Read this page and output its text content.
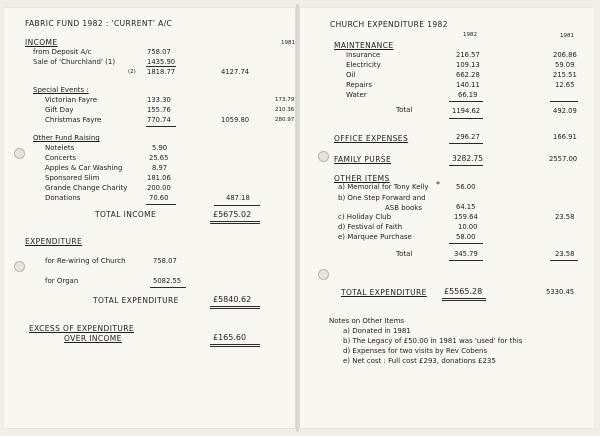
FABRIC FUND 1982 : 'CURRENT' A/C
INCOME	1981
from Deposit A/c	758.07
Sale of 'Churchland' (1)	1435.90
(2) 1818.77	4127.74
Special Events :
Victorian Fayre	133.30	173.79
Gift Day	155.76	210.36
Christmas Fayre	770.74	280.97
1059.80
Other Fund Raising
Notelets	5.90
Concerts	25.65
Apples & Car Washing	8.97
Sponsored Slim	181.06
Grande Change Charity	200.00
Donations	70.60	487.18
TOTAL INCOME	£5675.02
EXPENDITURE
for Re-wiring of Church	758.07
for Organ	5082.55
TOTAL EXPENDITURE	£5840.62
EXCESS OF EXPENDITURE
OVER INCOME	£165.60
CHURCH EXPENDITURE 1982
1982	1981
MAINTENANCE
Insurance	216.57	206.86
Electricity	109.13	59.09
Oil	662.28	215.51
Repairs	140.11	12.65
Water	66.19
Total	1194.62	492.09
OFFICE EXPENSES	296.27	166.91
FAMILY PURSE	3282.75	2557.00
OTHER ITEMS
a) Memorial for Tony Kelly * 56.00
b) One Step Forward and
ASB books	64.15
c) Holiday Club	159.64	23.58
d) Festival of Faith	10.00
e) Marquee Purchase	58.00
Total	345.79	23.58
TOTAL EXPENDITURE £5565.28	5330.45
Notes on Other Items
a) Donated in 1981
b) The Legacy of £50.00 in 1981 was 'used' for this
d) Expenses for two visits by Rev Cobens
e) Net cost : Full cost £293, donations £235
